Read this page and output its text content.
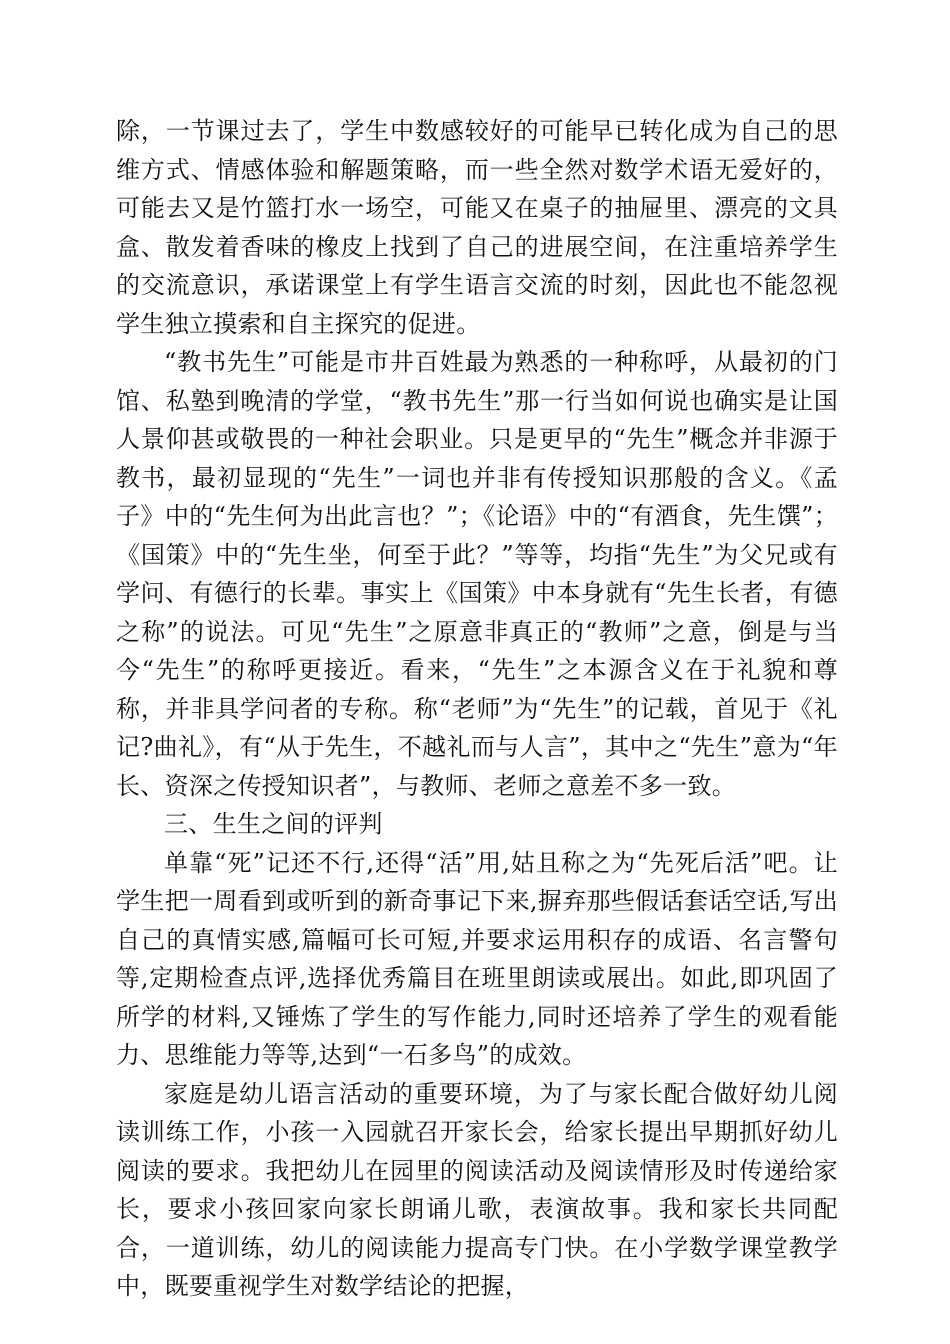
除，一节课过去了，学生中数感较好的可能早已转化成为自己的思维方式、情感体验和解题策略，而一些全然对数学术语无爱好的，可能去又是竹篮打水一场空，可能又在桌子的抽屉里、漂亮的文具盒、散发着香味的橡皮上找到了自己的进展空间，在注重培养学生的交流意识，承诺课堂上有学生语言交流的时刻，因此也不能忽视学生独立摸索和自主探究的促进。

“教书先生”可能是市井百姓最为熟悉的一种称呼，从最初的门馆、私塾到晚清的学堂，“教书先生”那一行当如何说也确实是让国人景仰甚或敬畏的一种社会职业。只是更早的“先生”概念并非源于教书，最初显现的“先生”一词也并非有传授知识那般的含义。《孟子》中的“先生何为出此言也？”；《论语》中的“有酒食，先生馔”；《国策》中的“先生坐，何至于此？”等等，均指“先生”为父兄或有学问、有德行的长辈。事实上《国策》中本身就有“先生长者，有德之称”的说法。可见“先生”之原意非真正的“教师”之意，倒是与当今“先生”的称呼更接近。看来，“先生”之本源含义在于礼貌和尊称，并非具学问者的专称。称“老师”为“先生”的记载，首见于《礼记?曲礼》，有“从于先生，不越礼而与人言”，其中之“先生”意为“年长、资深之传授知识者”，与教师、老师之意差不多一致。

三、生生之间的评判

单靠“死”记还不行,还得“活”用,姑且称之为“先死后活”吧。让学生把一周看到或听到的新奇事记下来,摒弃那些假话套话空话,写出自己的真情实感,篇幅可长可短,并要求运用积存的成语、名言警句等,定期检查点评,选择优秀篇目在班里朗读或展出。如此,即巩固了所学的材料,又锤炼了学生的写作能力,同时还培养了学生的观看能力、思维能力等等,达到“一石多鸟”的成效。

家庭是幼儿语言活动的重要环境，为了与家长配合做好幼儿阅读训练工作，小孩一入园就召开家长会，给家长提出早期抓好幼儿阅读的要求。我把幼儿在园里的阅读活动及阅读情形及时传递给家长，要求小孩回家向家长朗诵儿歌，表演故事。我和家长共同配合，一道训练，幼儿的阅读能力提高专门快。在小学数学课堂教学中，既要重视学生对数学结论的把握，
